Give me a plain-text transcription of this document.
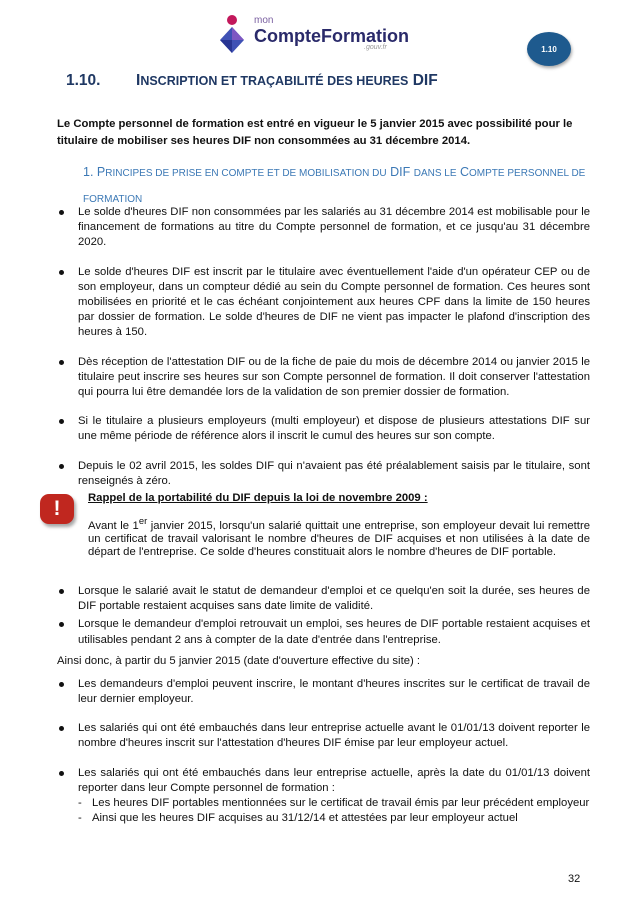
mon
CompteFormation
.gouv.fr	1.10
1.10. INSCRIPTION ET TRAÇABILITÉ DES HEURES DIF
Le Compte personnel de formation est entré en vigueur le 5 janvier 2015 avec possibilité pour le titulaire de mobiliser ses heures DIF non consommées au 31 décembre 2014.
1. PRINCIPES DE PRISE EN COMPTE ET DE MOBILISATION DU DIF DANS LE COMPTE PERSONNEL DE FORMATION
Le solde d'heures DIF non consommées par les salariés au 31 décembre 2014 est mobilisable pour le financement de formations au titre du Compte personnel de formation, et ce jusqu'au 31 décembre 2020.
Le solde d'heures DIF est inscrit par le titulaire avec éventuellement l'aide d'un opérateur CEP ou de son employeur, dans un compteur dédié au sein du Compte personnel de formation. Ces heures sont mobilisées en priorité et le cas échéant conjointement aux heures CPF dans la limite de 150 heures par dossier de formation. Le solde d'heures de DIF ne vient pas impacter le plafond d'inscription des heures à 150.
Dès réception de l'attestation DIF ou de la fiche de paie du mois de décembre 2014 ou janvier 2015 le titulaire peut inscrire ses heures sur son Compte personnel de formation. Il doit conserver l'attestation qui pourra lui être demandée lors de la validation de son premier dossier de formation.
Si le titulaire a plusieurs employeurs (multi employeur) et dispose de plusieurs attestations DIF sur une même période de référence alors il inscrit le cumul des heures sur son compte.
Depuis le 02 avril 2015, les soldes DIF qui n'avaient pas été préalablement saisis par le titulaire, sont renseignés à zéro.
!	Rappel de la portabilité du DIF depuis la loi de novembre 2009 :
Avant le 1er janvier 2015, lorsqu'un salarié quittait une entreprise, son employeur devait lui remettre un certificat de travail valorisant le nombre d'heures de DIF acquises et non utilisées à la date de départ de l'entreprise. Ce solde d'heures constituait alors le nombre d'heures de DIF portable.
Lorsque le salarié avait le statut de demandeur d'emploi et ce quelqu'en soit la durée, ses heures de DIF portable restaient acquises sans date limite de validité.
Lorsque le demandeur d'emploi retrouvait un emploi, ses heures de DIF portable restaient acquises et utilisables pendant 2 ans à compter de la date d'entrée dans l'entreprise.
Ainsi donc, à partir du 5 janvier 2015 (date d'ouverture effective du site) :
Les demandeurs d'emploi peuvent inscrire, le montant d'heures inscrites sur le certificat de travail de leur dernier employeur.
Les salariés qui ont été embauchés dans leur entreprise actuelle avant le 01/01/13 doivent reporter le nombre d'heures inscrit sur l'attestation d'heures DIF émise par leur employeur actuel.
Les salariés qui ont été embauchés dans leur entreprise actuelle, après la date du 01/01/13 doivent reporter dans leur Compte personnel de formation :
- Les heures DIF portables mentionnées sur le certificat de travail émis par leur précédent employeur
- Ainsi que les heures DIF acquises au 31/12/14 et attestées par leur employeur actuel
32
